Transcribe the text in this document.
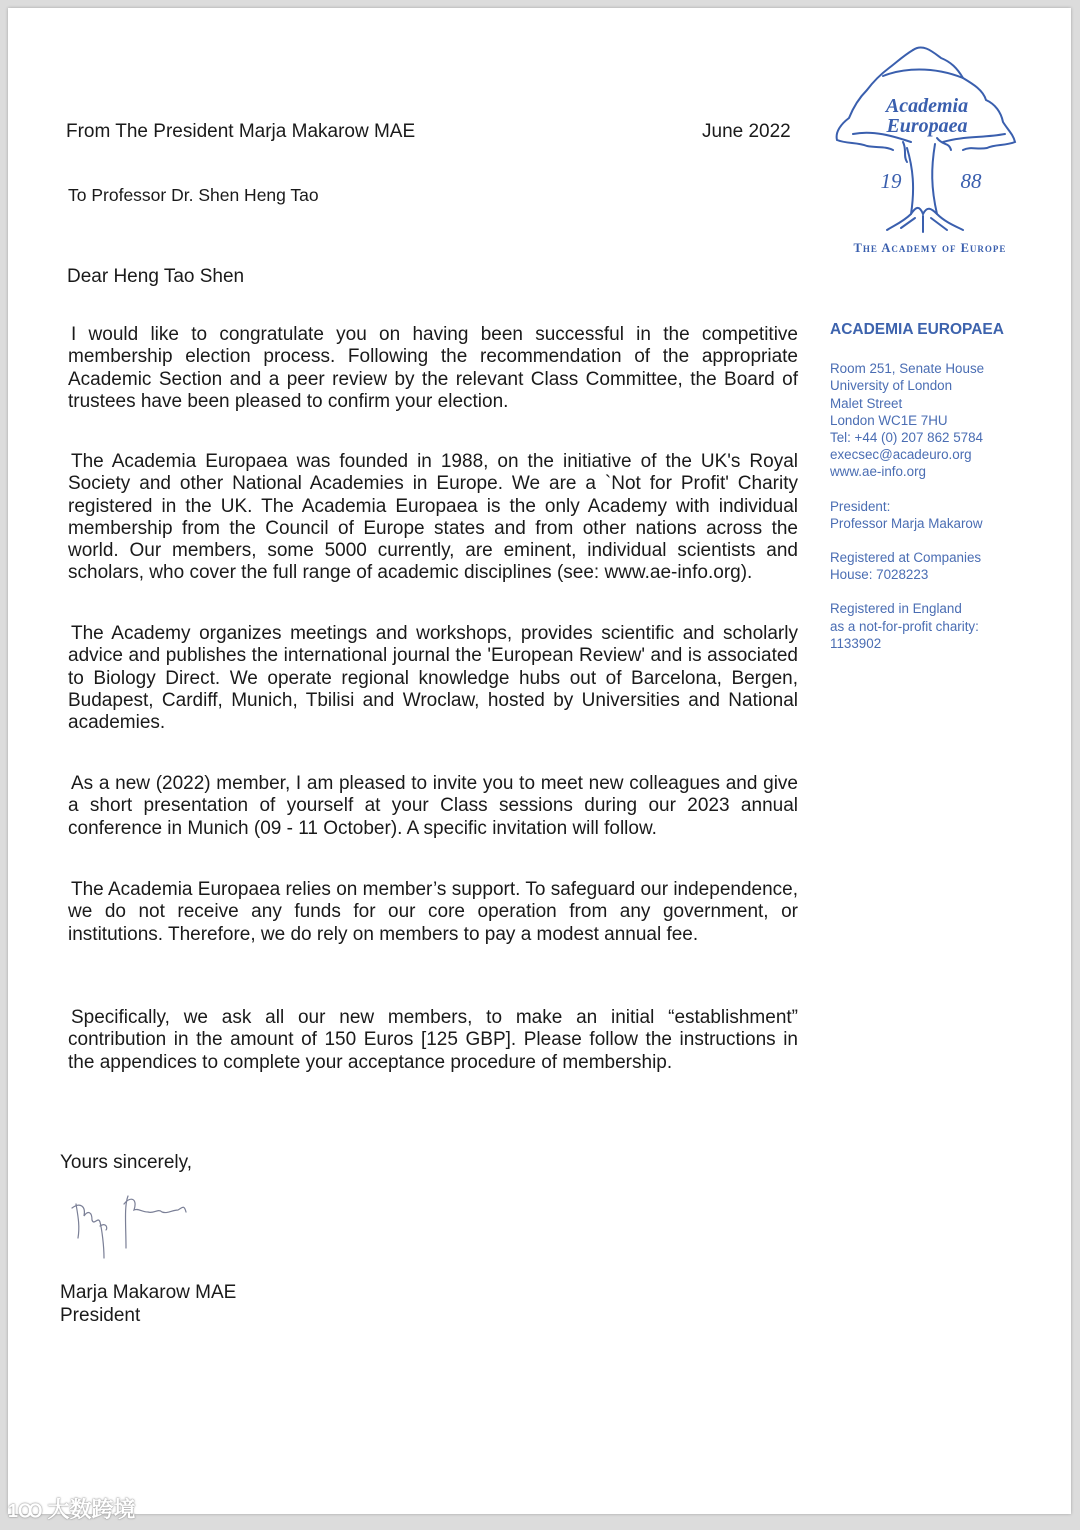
From The President Marja Makarow MAE	June 2022
To Professor Dr. Shen Heng Tao
Academia
Europaea
19	88
The Academy of Europe
Dear Heng Tao Shen

I would like to congratulate you on having been successful in the competitive membership election process. Following the recommendation of the appropriate Academic Section and a peer review by the relevant Class Committee, the Board of trustees have been pleased to confirm your election.

The Academia Europaea was founded in 1988, on the initiative of the UK's Royal Society and other National Academies in Europe. We are a `Not for Profit' Charity registered in the UK. The Academia Europaea is the only Academy with individual membership from the Council of Europe states and from other nations across the world. Our members, some 5000 currently, are eminent, individual scientists and scholars, who cover the full range of academic disciplines (see: www.ae-info.org).

The Academy organizes meetings and workshops, provides scientific and scholarly advice and publishes the international journal the 'European Review' and is associated to Biology Direct. We operate regional knowledge hubs out of Barcelona, Bergen, Budapest, Cardiff, Munich, Tbilisi and Wroclaw, hosted by Universities and National academies.

As a new (2022) member, I am pleased to invite you to meet new colleagues and give a short presentation of yourself at your Class sessions during our 2023 annual conference in Munich (09 - 11 October). A specific invitation will follow.

The Academia Europaea relies on member’s support. To safeguard our independence, we do not receive any funds for our core operation from any government, or institutions. Therefore, we do rely on members to pay a modest annual fee.

Specifically, we ask all our new members, to make an initial “establishment” contribution in the amount of 150 Euros [125 GBP]. Please follow the instructions in the appendices to complete your acceptance procedure of membership.

Yours sincerely,
Marja Makarow MAE
President

ACADEMIA EUROPAEA

Room 251, Senate House
University of London
Malet Street
London WC1E 7HU
Tel: +44 (0) 207 862 5784
execsec@acadeuro.org
www.ae-info.org

President:
Professor Marja Makarow

Registered at Companies
House: 7028223

Registered in England
as a not-for-profit charity:
1133902

1Ꝏ 大数跨境
